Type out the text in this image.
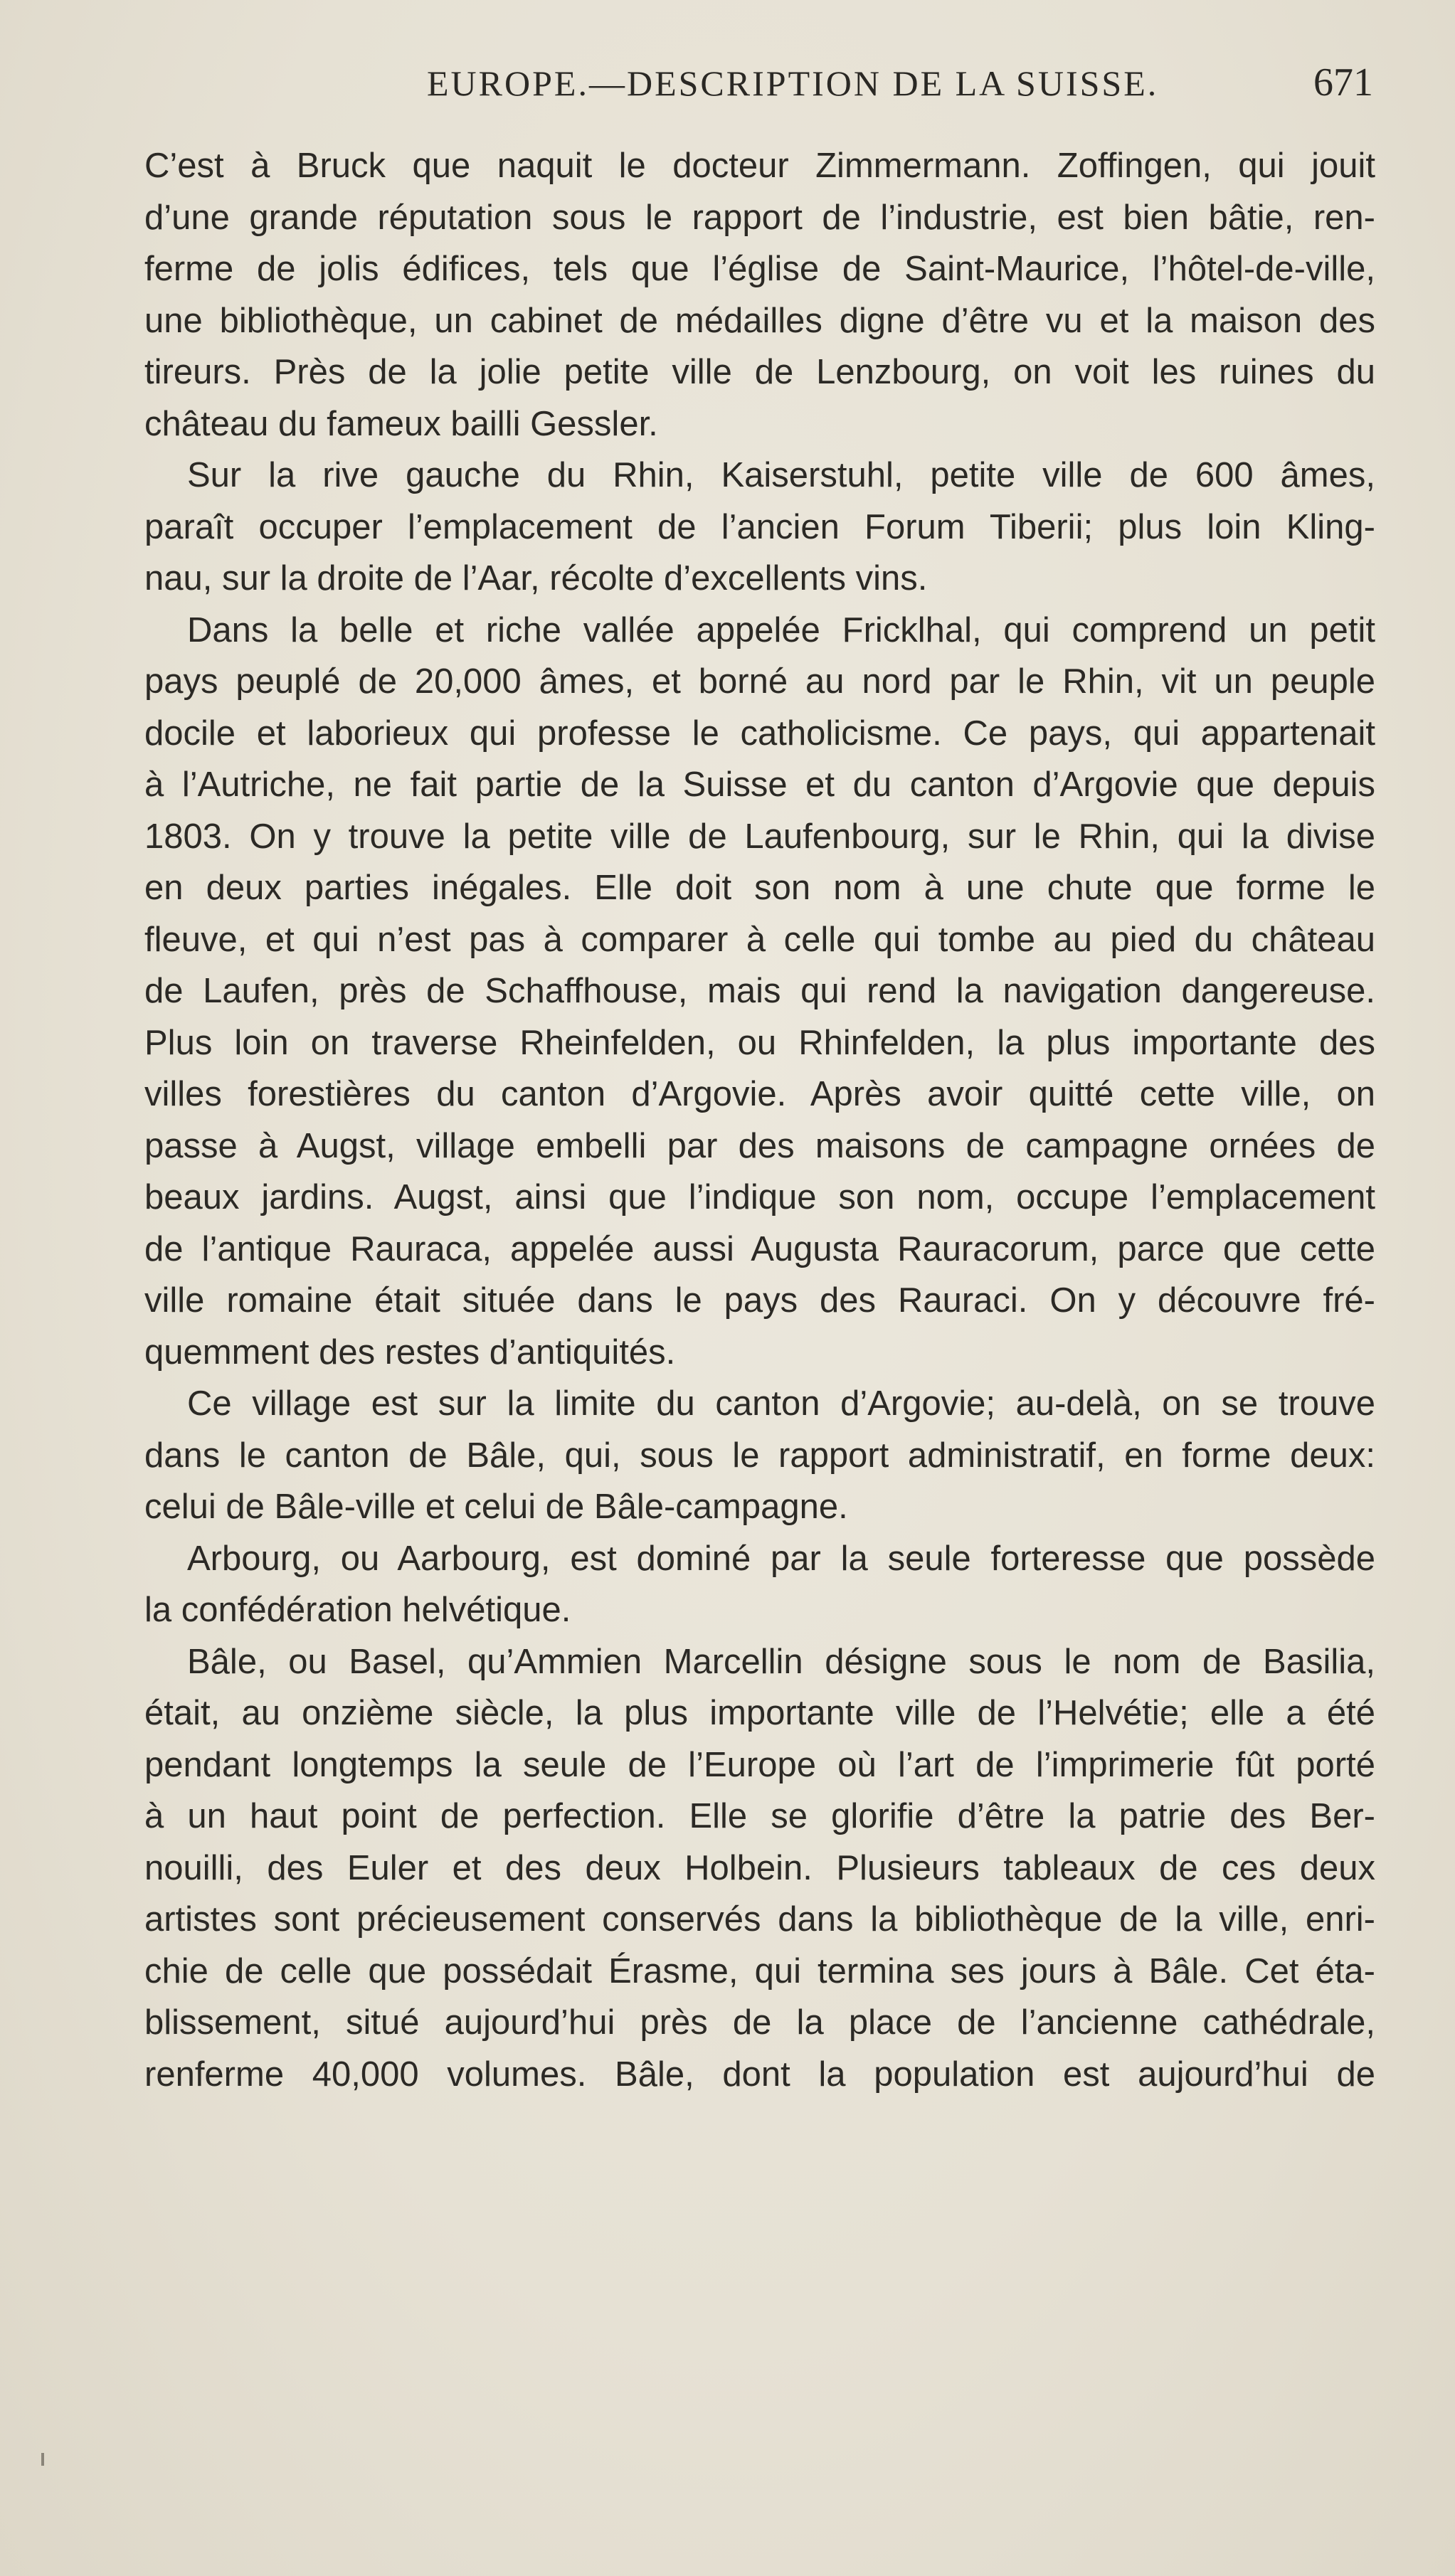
EUROPE.—DESCRIPTION DE LA SUISSE.	671
C’est à Bruck que naquit le docteur Zimmermann. Zoffingen, qui jouit
d’une grande réputation sous le rapport de l’industrie, est bien bâtie, ren-
ferme de jolis édifices, tels que l’église de Saint-Maurice, l’hôtel-de-ville,
une bibliothèque, un cabinet de médailles digne d’être vu et la maison des
tireurs. Près de la jolie petite ville de Lenzbourg, on voit les ruines du
château du fameux bailli Gessler.
Sur la rive gauche du Rhin, Kaiserstuhl, petite ville de 600 âmes,
paraît occuper l’emplacement de l’ancien Forum Tiberii; plus loin Kling-
nau, sur la droite de l’Aar, récolte d’excellents vins.
Dans la belle et riche vallée appelée Fricklhal, qui comprend un petit
pays peuplé de 20,000 âmes, et borné au nord par le Rhin, vit un peuple
docile et laborieux qui professe le catholicisme. Ce pays, qui appartenait
à l’Autriche, ne fait partie de la Suisse et du canton d’Argovie que depuis
1803. On y trouve la petite ville de Laufenbourg, sur le Rhin, qui la divise
en deux parties inégales. Elle doit son nom à une chute que forme le
fleuve, et qui n’est pas à comparer à celle qui tombe au pied du château
de Laufen, près de Schaffhouse, mais qui rend la navigation dangereuse.
Plus loin on traverse Rheinfelden, ou Rhinfelden, la plus importante des
villes forestières du canton d’Argovie. Après avoir quitté cette ville, on
passe à Augst, village embelli par des maisons de campagne ornées de
beaux jardins. Augst, ainsi que l’indique son nom, occupe l’emplacement
de l’antique Rauraca, appelée aussi Augusta Rauracorum, parce que cette
ville romaine était située dans le pays des Rauraci. On y découvre fré-
quemment des restes d’antiquités.
Ce village est sur la limite du canton d’Argovie; au-delà, on se trouve
dans le canton de Bâle, qui, sous le rapport administratif, en forme deux:
celui de Bâle-ville et celui de Bâle-campagne.
Arbourg, ou Aarbourg, est dominé par la seule forteresse que possède
la confédération helvétique.
Bâle, ou Basel, qu’Ammien Marcellin désigne sous le nom de Basilia,
était, au onzième siècle, la plus importante ville de l’Helvétie; elle a été
pendant longtemps la seule de l’Europe où l’art de l’imprimerie fût porté
à un haut point de perfection. Elle se glorifie d’être la patrie des Ber-
nouilli, des Euler et des deux Holbein. Plusieurs tableaux de ces deux
artistes sont précieusement conservés dans la bibliothèque de la ville, enri-
chie de celle que possédait Érasme, qui termina ses jours à Bâle. Cet éta-
blissement, situé aujourd’hui près de la place de l’ancienne cathédrale,
renferme 40,000 volumes. Bâle, dont la population est aujourd’hui de
